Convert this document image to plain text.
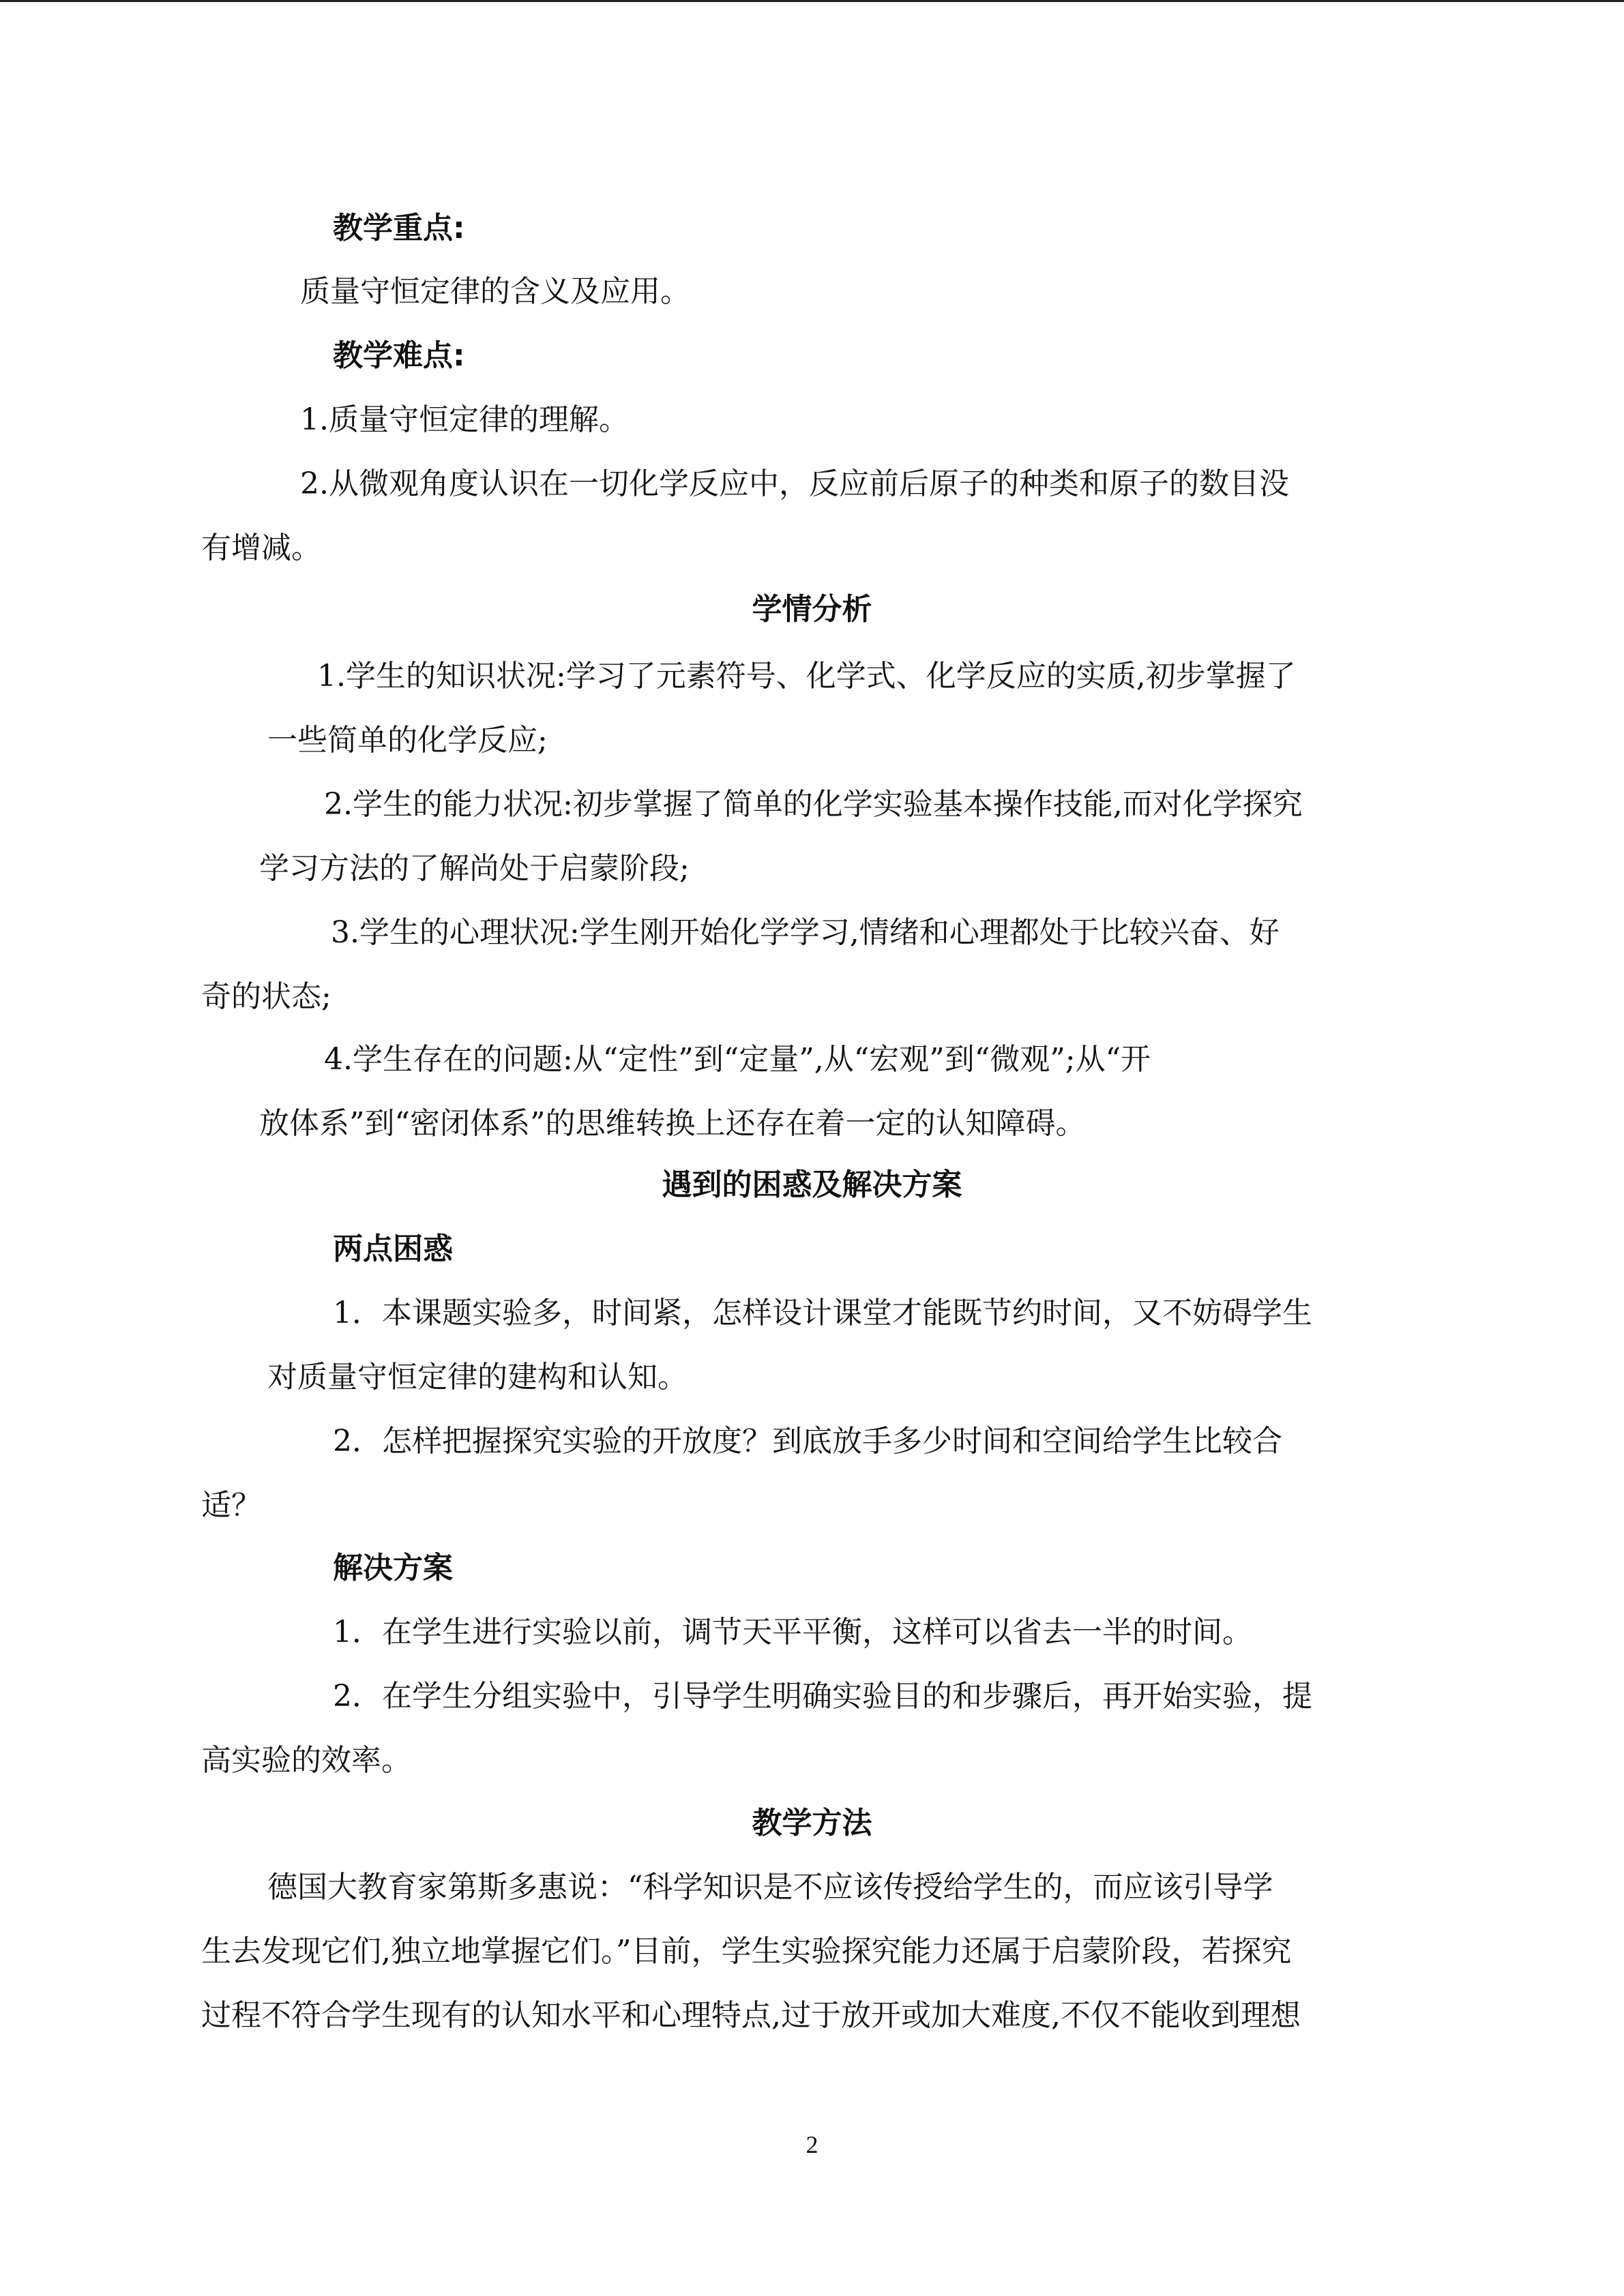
教学重点:
质量守恒定律的含义及应用。
教学难点:
1.质量守恒定律的理解。
2.从微观角度认识在一切化学反应中，反应前后原子的种类和原子的数目没
有增减。
学情分析
1.学生的知识状况:学习了元素符号、化学式、化学反应的实质,初步掌握了
一些简单的化学反应;
2.学生的能力状况:初步掌握了简单的化学实验基本操作技能,而对化学探究
学习方法的了解尚处于启蒙阶段;
3.学生的心理状况:学生刚开始化学学习,情绪和心理都处于比较兴奋、好
奇的状态;
4.学生存在的问题:从“定性”到“定量”,从“宏观”到“微观”;从“开
放体系”到“密闭体系”的思维转换上还存在着一定的认知障碍。
遇到的困惑及解决方案
两点困惑
1．本课题实验多，时间紧，怎样设计课堂才能既节约时间，又不妨碍学生
对质量守恒定律的建构和认知。
2．怎样把握探究实验的开放度？到底放手多少时间和空间给学生比较合
适？
解决方案
1．在学生进行实验以前，调节天平平衡，这样可以省去一半的时间。
2．在学生分组实验中，引导学生明确实验目的和步骤后，再开始实验，提
高实验的效率。
教学方法
德国大教育家第斯多惠说：“科学知识是不应该传授给学生的，而应该引导学
生去发现它们,独立地掌握它们。”目前，学生实验探究能力还属于启蒙阶段，若探究
过程不符合学生现有的认知水平和心理特点,过于放开或加大难度,不仅不能收到理想
2
